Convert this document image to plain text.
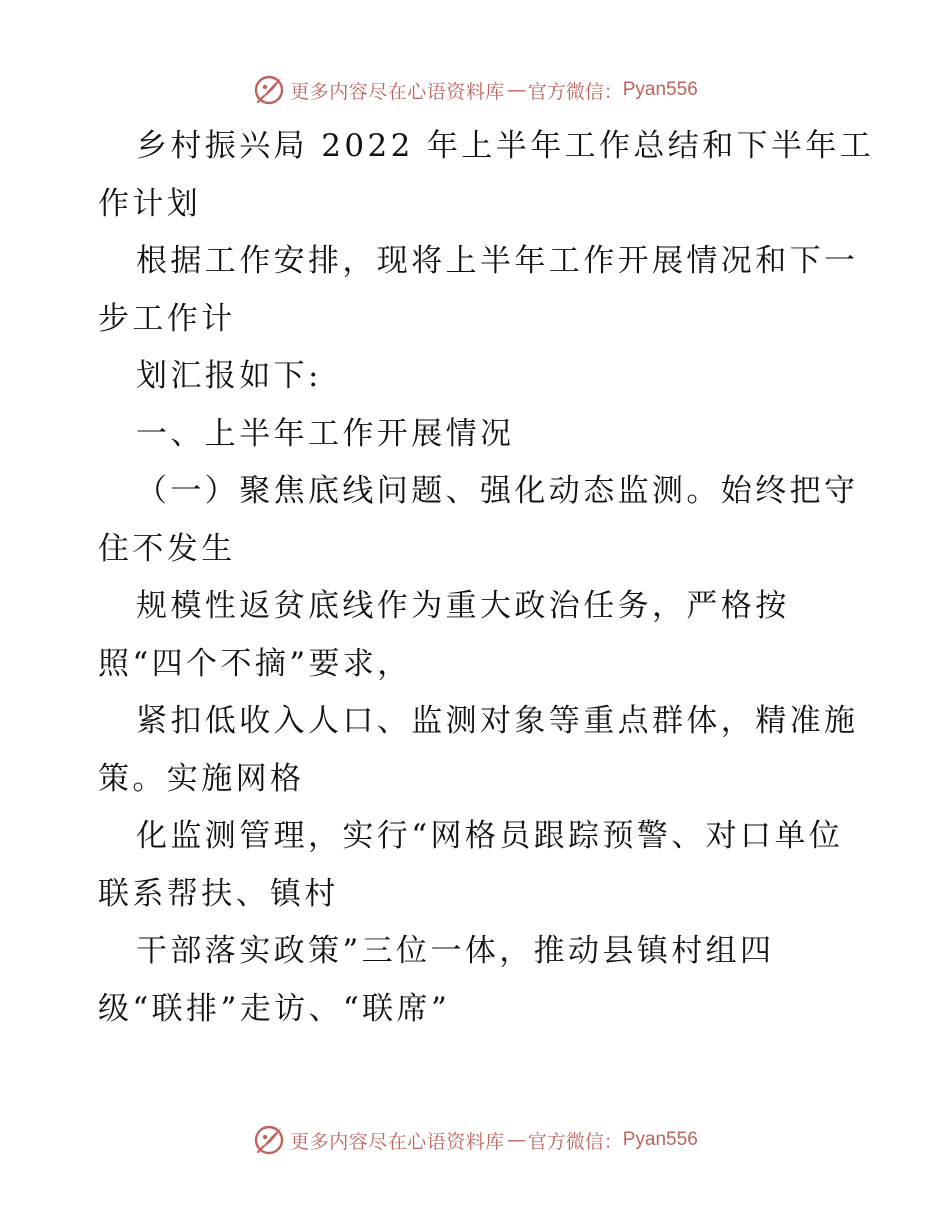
更多内容尽在心语资料库 — 官方微信： Pyan556
乡村振兴局 2022 年上半年工作总结和下半年工
作计划
根据工作安排，现将上半年工作开展情况和下一
步工作计
划汇报如下:
一、上半年工作开展情况
（一）聚焦底线问题、强化动态监测。始终把守
住不发生
规模性返贫底线作为重大政治任务，严格按
照“四个不摘”要求，
紧扣低收入人口、监测对象等重点群体，精准施
策。实施网格
化监测管理，实行“网格员跟踪预警、对口单位
联系帮扶、镇村
干部落实政策”三位一体，推动县镇村组四
级“联排”走访、“联席”
更多内容尽在心语资料库 — 官方微信： Pyan556
